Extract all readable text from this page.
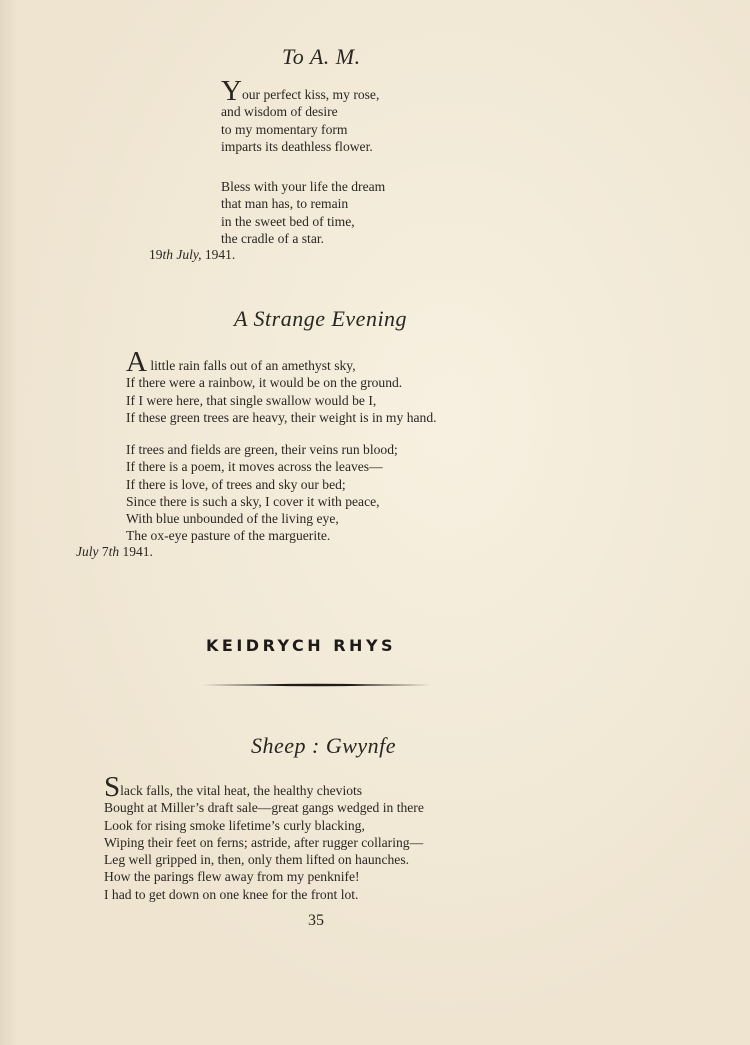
To A. M.
Your perfect kiss, my rose,
and wisdom of desire
to my momentary form
imparts its deathless flower.
Bless with your life the dream
that man has, to remain
in the sweet bed of time,
the cradle of a star.
19th July, 1941.
A Strange Evening
A little rain falls out of an amethyst sky,
If there were a rainbow, it would be on the ground.
If I were here, that single swallow would be I,
If these green trees are heavy, their weight is in my hand.
If trees and fields are green, their veins run blood;
If there is a poem, it moves across the leaves—
If there is love, of trees and sky our bed;
Since there is such a sky, I cover it with peace,
With blue unbounded of the living eye,
The ox-eye pasture of the marguerite.
July 7th 1941.
KEIDRYCH RHYS
Sheep : Gwynfe
Slack falls, the vital heat, the healthy cheviots
Bought at Miller’s draft sale—great gangs wedged in there
Look for rising smoke lifetime’s curly blacking,
Wiping their feet on ferns; astride, after rugger collaring—
Leg well gripped in, then, only them lifted on haunches.
How the parings flew away from my penknife!
I had to get down on one knee for the front lot.
35
